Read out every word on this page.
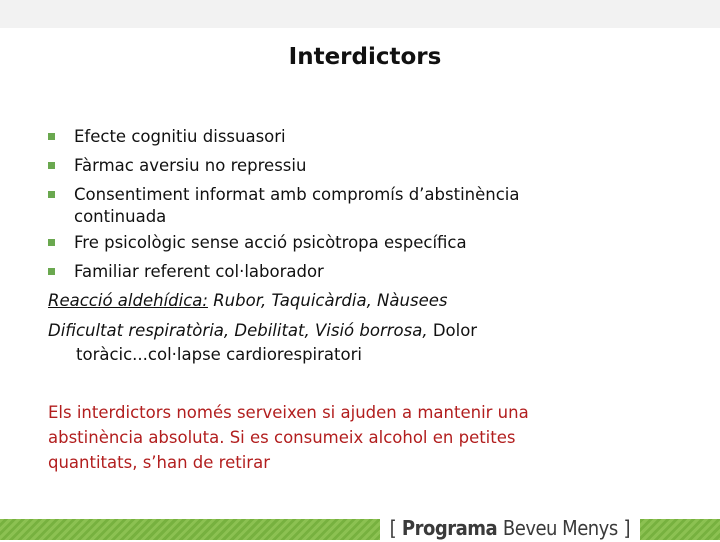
Interdictors
Efecte cognitiu dissuasori
Fàrmac aversiu no repressiu
Consentiment informat amb compromís d’abstinència continuada
Fre psicològic sense acció psicòtropa específica
Familiar referent col·laborador
Reacció aldehídica: Rubor, Taquicàrdia, Nàusees
Dificultat respiratòria, Debilitat, Visió borrosa, Dolor toràcic...col·lapse cardiorespiratori
Els interdictors només serveixen si ajuden a mantenir una abstinència absoluta. Si es consumeix alcohol en petites quantitats, s’han de retirar
[ Programa Beveu Menys ]
